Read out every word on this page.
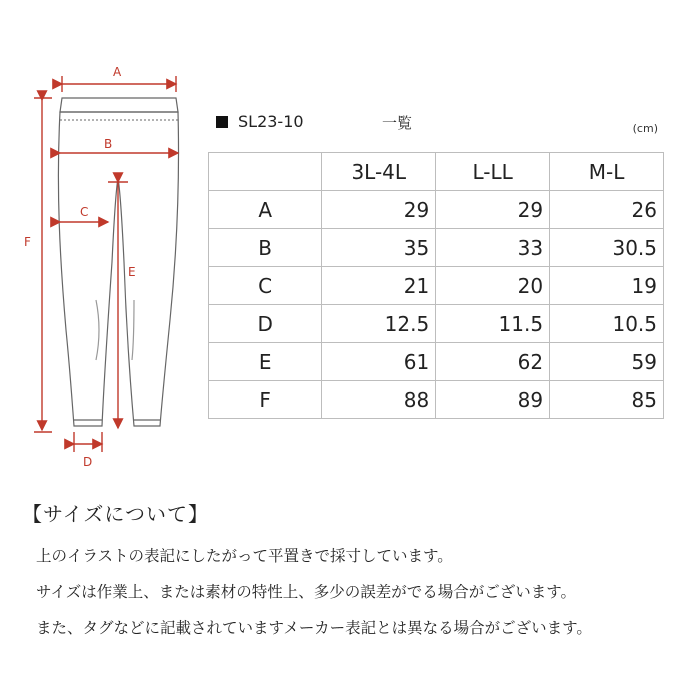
A
B
C
E
F
D
SL23-10	一覧	(cm)
	3L-4L	L-LL	M-L
A	29	29	26
B	35	33	30.5
C	21	20	19
D	12.5	11.5	10.5
E	61	62	59
F	88	89	85
【サイズについて】

上のイラストの表記にしたがって平置きで採寸しています。

サイズは作業上、または素材の特性上、多少の誤差がでる場合がございます。

また、タグなどに記載されていますメーカー表記とは異なる場合がございます。
